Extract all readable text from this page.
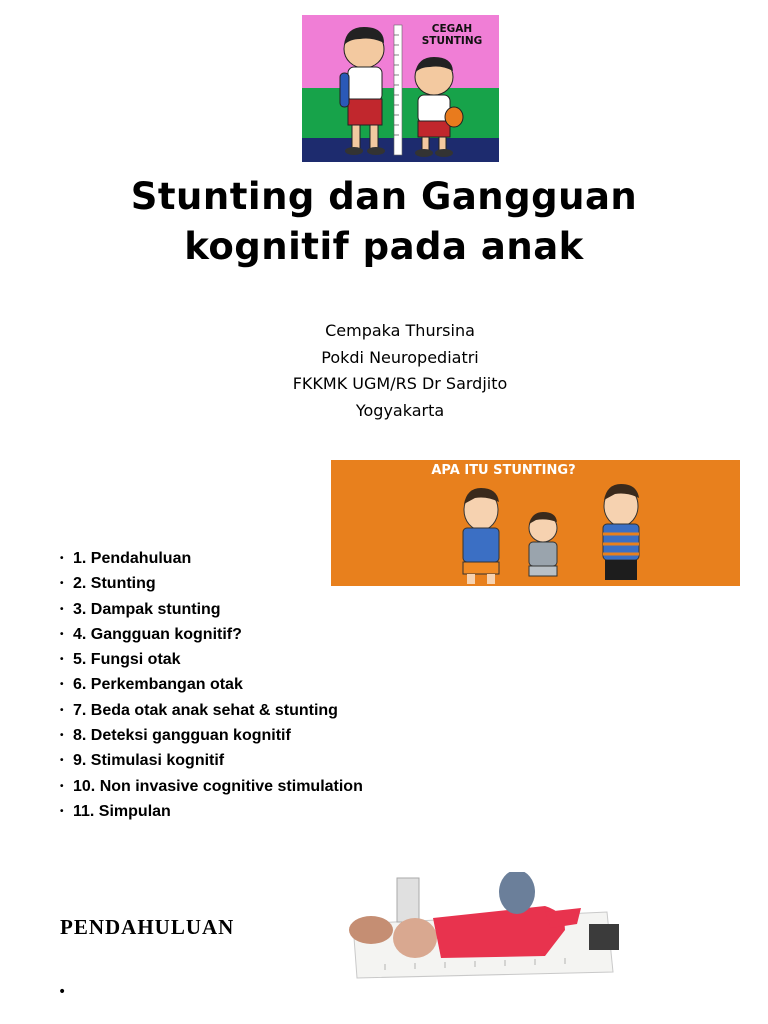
CEGAH
STUNTING
Stunting dan Gangguan
kognitif pada anak
Cempaka Thursina
Pokdi Neuropediatri
FKKMK UGM/RS Dr Sardjito
Yogyakarta
APA ITU STUNTING?
• 1. Pendahuluan
• 2. Stunting
• 3. Dampak stunting
• 4. Gangguan kognitif?
• 5. Fungsi otak
• 6. Perkembangan otak
• 7. Beda otak anak sehat & stunting
• 8. Deteksi gangguan kognitif
• 9. Stimulasi kognitif
• 10. Non invasive cognitive stimulation
• 11. Simpulan
PENDAHULUAN
•
